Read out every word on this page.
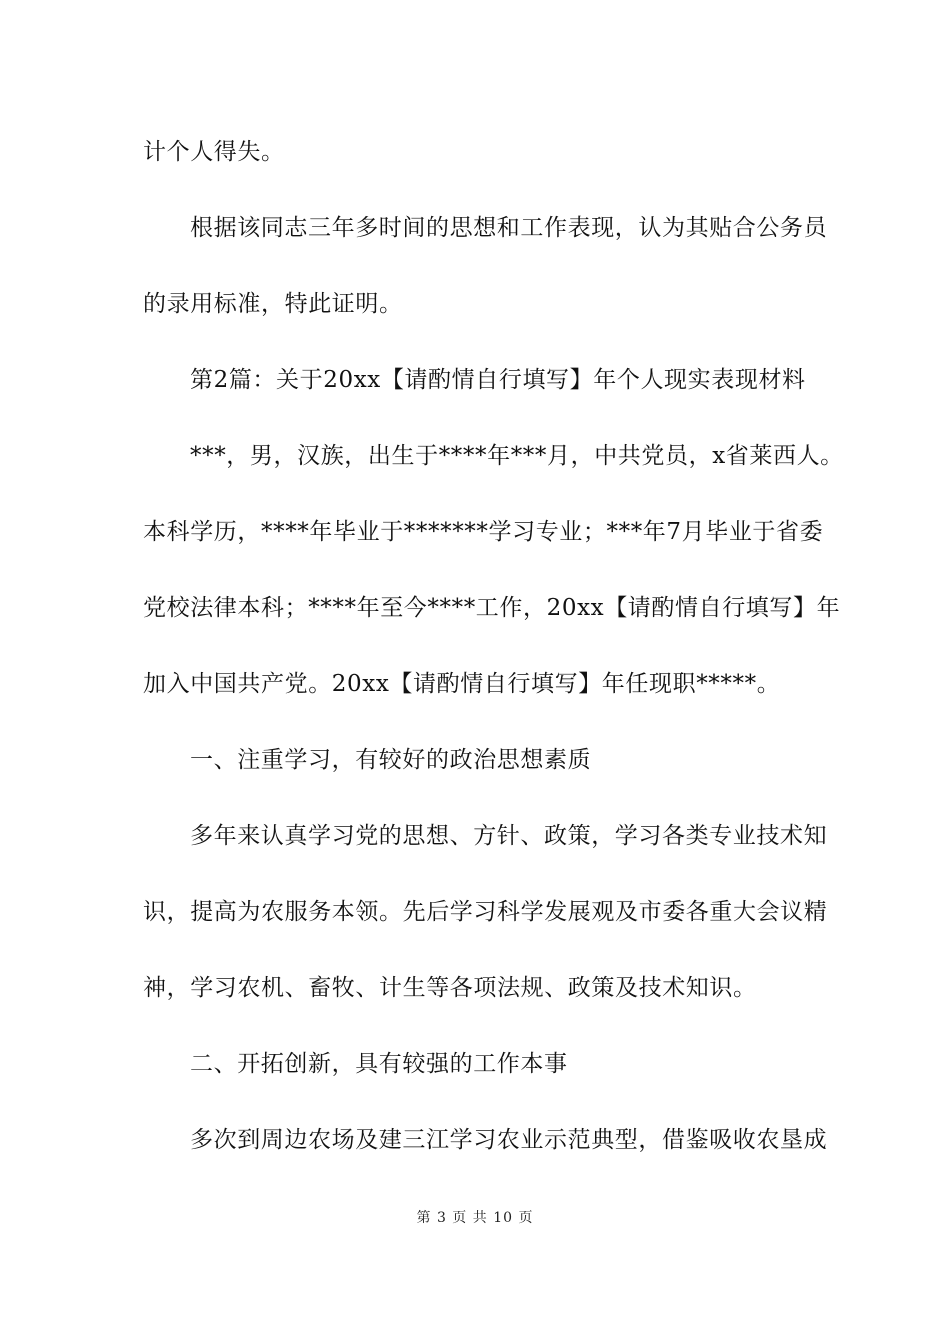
计个人得失。
根据该同志三年多时间的思想和工作表现，认为其贴合公务员
的录用标准，特此证明。
第2篇：关于20xx【请酌情自行填写】年个人现实表现材料
***，男，汉族，出生于****年***月，中共党员，x省莱西人。
本科学历，****年毕业于*******学习专业；***年7月毕业于省委
党校法律本科；****年至今****工作，20xx【请酌情自行填写】年
加入中国共产党。20xx【请酌情自行填写】年任现职*****。
一、注重学习，有较好的政治思想素质
多年来认真学习党的思想、方针、政策，学习各类专业技术知
识，提高为农服务本领。先后学习科学发展观及市委各重大会议精
神，学习农机、畜牧、计生等各项法规、政策及技术知识。
二、开拓创新，具有较强的工作本事
多次到周边农场及建三江学习农业示范典型，借鉴吸收农垦成
第 3 页 共 10 页
